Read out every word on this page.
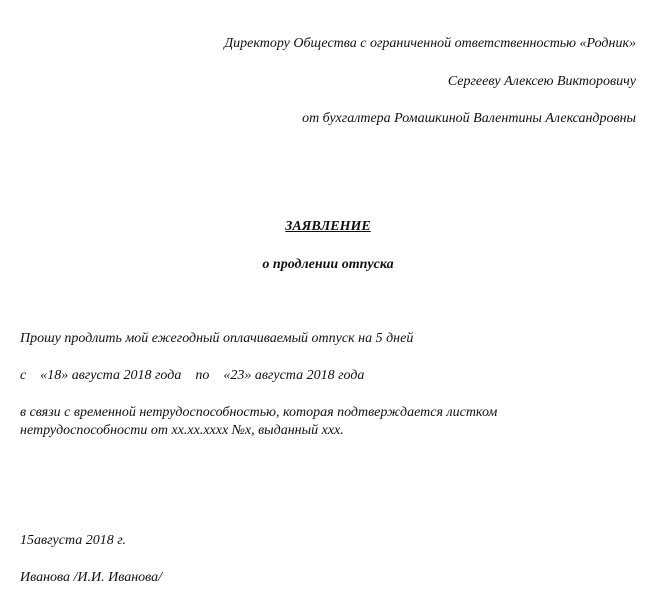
Директору Общества с ограниченной ответственностью «Родник»
Сергееву Алексею Викторовичу
от бухгалтера Ромашкиной Валентины Александровны
ЗАЯВЛЕНИЕ
о продлении отпуска
Прошу продлить мой ежегодный оплачиваемый отпуск на 5 дней
с    «18» августа 2018 года    по    «23» августа 2018 года
в связи с временной нетрудоспособностью, которая подтверждается листком
нетрудоспособности от хх.хх.хххх №х, выданный ххх.
15августа 2018 г.
Иванова /И.И. Иванова/
